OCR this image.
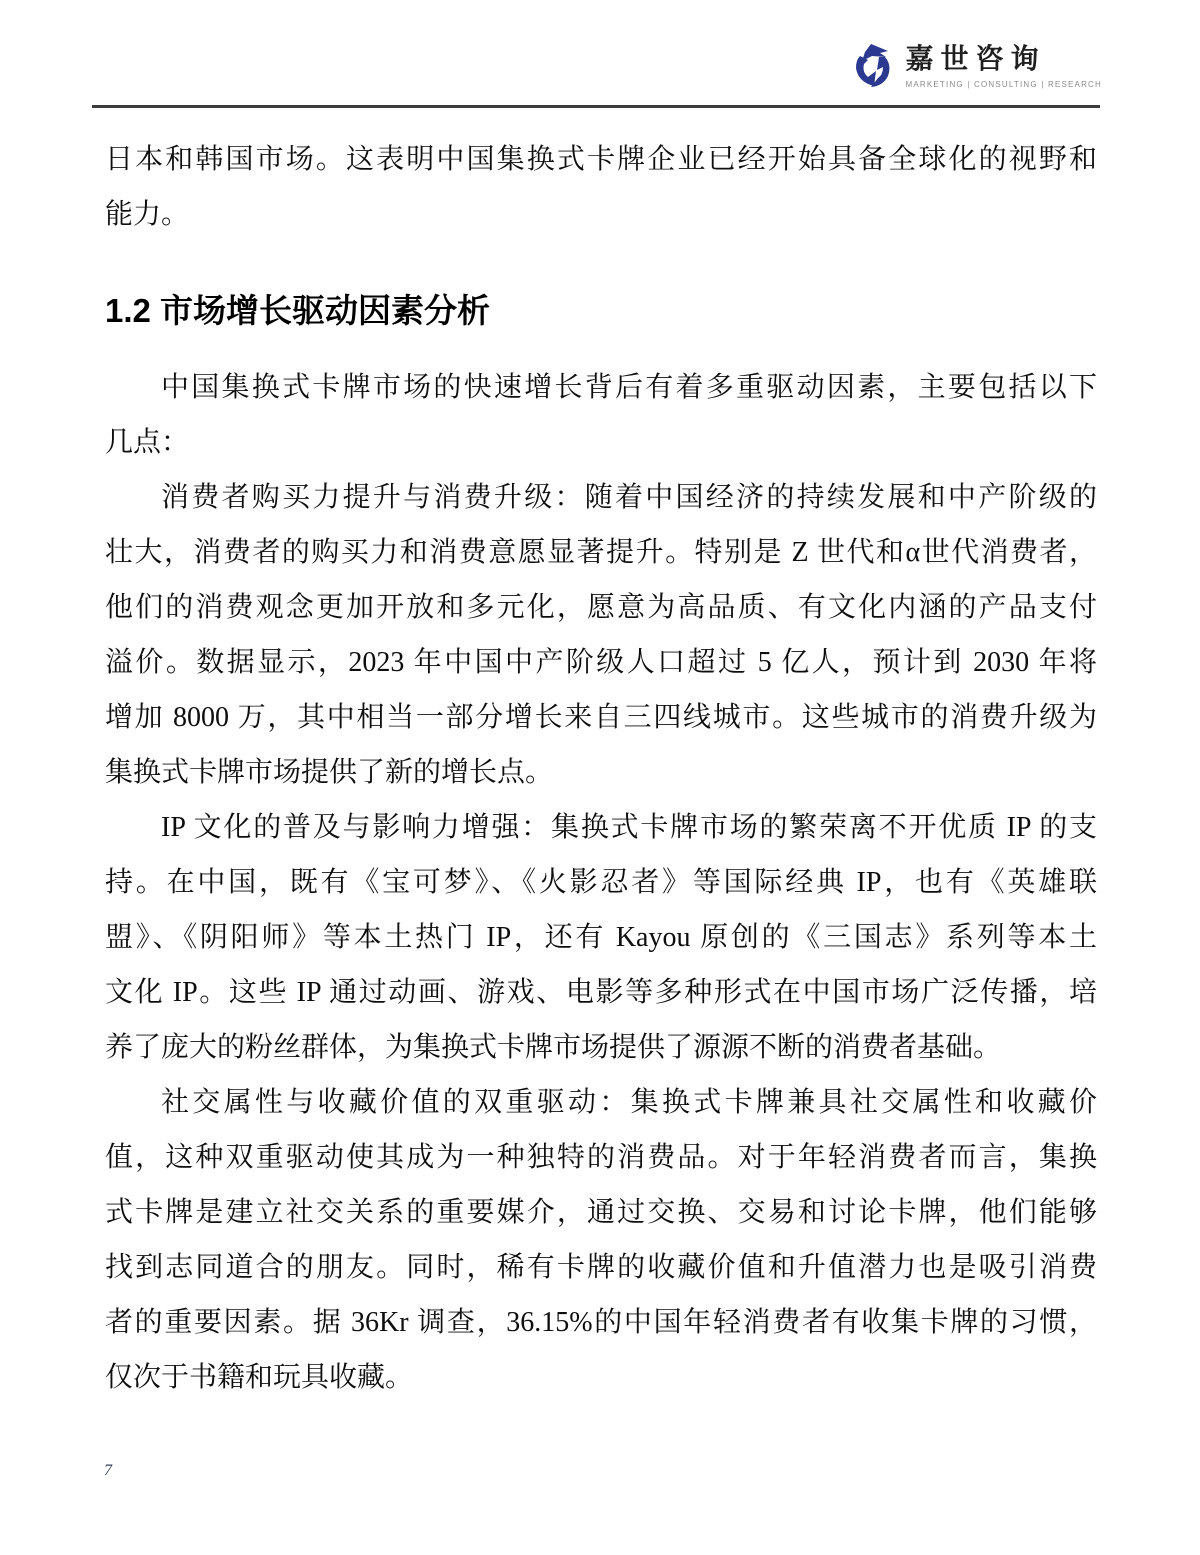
嘉世咨询
MARKETING | CONSULTING | RESEARCH
日本和韩国市场。这表明中国集换式卡牌企业已经开始具备全球化的视野和
能力。
1.2 市场增长驱动因素分析
中国集换式卡牌市场的快速增长背后有着多重驱动因素，主要包括以下
几点：
消费者购买力提升与消费升级：随着中国经济的持续发展和中产阶级的
壮大，消费者的购买力和消费意愿显著提升。特别是 Z 世代和α世代消费者，
他们的消费观念更加开放和多元化，愿意为高品质、有文化内涵的产品支付
溢价。数据显示，2023 年中国中产阶级人口超过 5 亿人，预计到 2030 年将
增加 8000 万，其中相当一部分增长来自三四线城市。这些城市的消费升级为
集换式卡牌市场提供了新的增长点。
IP 文化的普及与影响力增强：集换式卡牌市场的繁荣离不开优质 IP 的支
持。在中国，既有《宝可梦》、《火影忍者》等国际经典 IP，也有《英雄联
盟》、《阴阳师》等本土热门 IP，还有 Kayou 原创的《三国志》系列等本土
文化 IP。这些 IP 通过动画、游戏、电影等多种形式在中国市场广泛传播，培
养了庞大的粉丝群体，为集换式卡牌市场提供了源源不断的消费者基础。
社交属性与收藏价值的双重驱动：集换式卡牌兼具社交属性和收藏价
值，这种双重驱动使其成为一种独特的消费品。对于年轻消费者而言，集换
式卡牌是建立社交关系的重要媒介，通过交换、交易和讨论卡牌，他们能够
找到志同道合的朋友。同时，稀有卡牌的收藏价值和升值潜力也是吸引消费
者的重要因素。据 36Kr 调查，36.15%的中国年轻消费者有收集卡牌的习惯，
仅次于书籍和玩具收藏。
7
